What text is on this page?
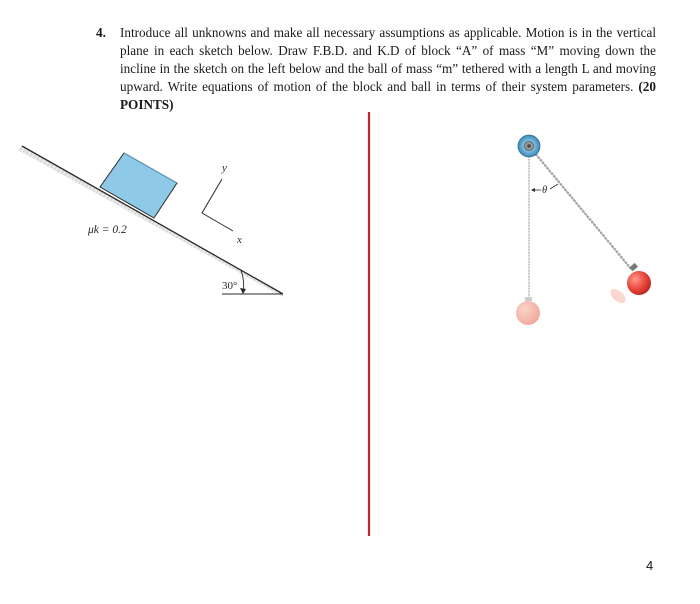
4. Introduce all unknowns and make all necessary assumptions as applicable. Motion is in the vertical plane in each sketch below. Draw F.B.D. and K.D of block “A” of mass “M” moving down the incline in the sketch on the left below and the ball of mass “m” tethered with a length L and moving upward. Write equations of motion of the block and ball in terms of their system parameters. (20 POINTS)
μk = 0.2
y
x
30°
θ
4
